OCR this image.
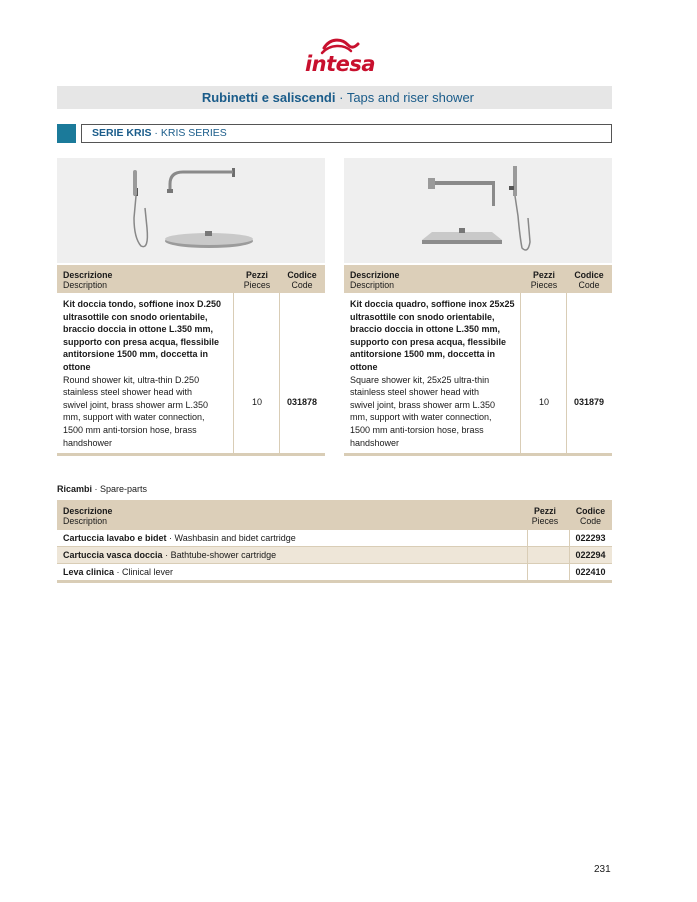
intesa
Rubinetti e saliscendi · Taps and riser shower
SERIE KRIS · KRIS SERIES
Descrizione
Description
Pezzi
Pieces
Codice
Code
Kit doccia tondo, soffione inox D.250
ultrasottile con snodo orientabile,
braccio doccia in ottone L.350 mm,
supporto con presa acqua, flessibile
antitorsione 1500 mm, doccetta in
ottone
Round shower kit, ultra-thin D.250
stainless steel shower head with
swivel joint, brass shower arm L.350
mm, support with water connection,
1500 mm anti-torsion hose, brass
handshower
10	031878
Descrizione
Description
Pezzi
Pieces
Codice
Code
Kit doccia quadro, soffione inox 25x25
ultrasottile con snodo orientabile,
braccio doccia in ottone L.350 mm,
supporto con presa acqua, flessibile
antitorsione 1500 mm, doccetta in
ottone
Square shower kit, 25x25 ultra-thin
stainless steel shower head with
swivel joint, brass shower arm L.350
mm, support with water connection,
1500 mm anti-torsion hose, brass
handshower
10	031879
Ricambi · Spare-parts
Descrizione
Description
Pezzi
Pieces
Codice
Code
Cartuccia lavabo e bidet · Washbasin and bidet cartridge	022293
Cartuccia vasca doccia · Bathtube-shower cartridge	022294
Leva clinica · Clinical lever	022410
231
